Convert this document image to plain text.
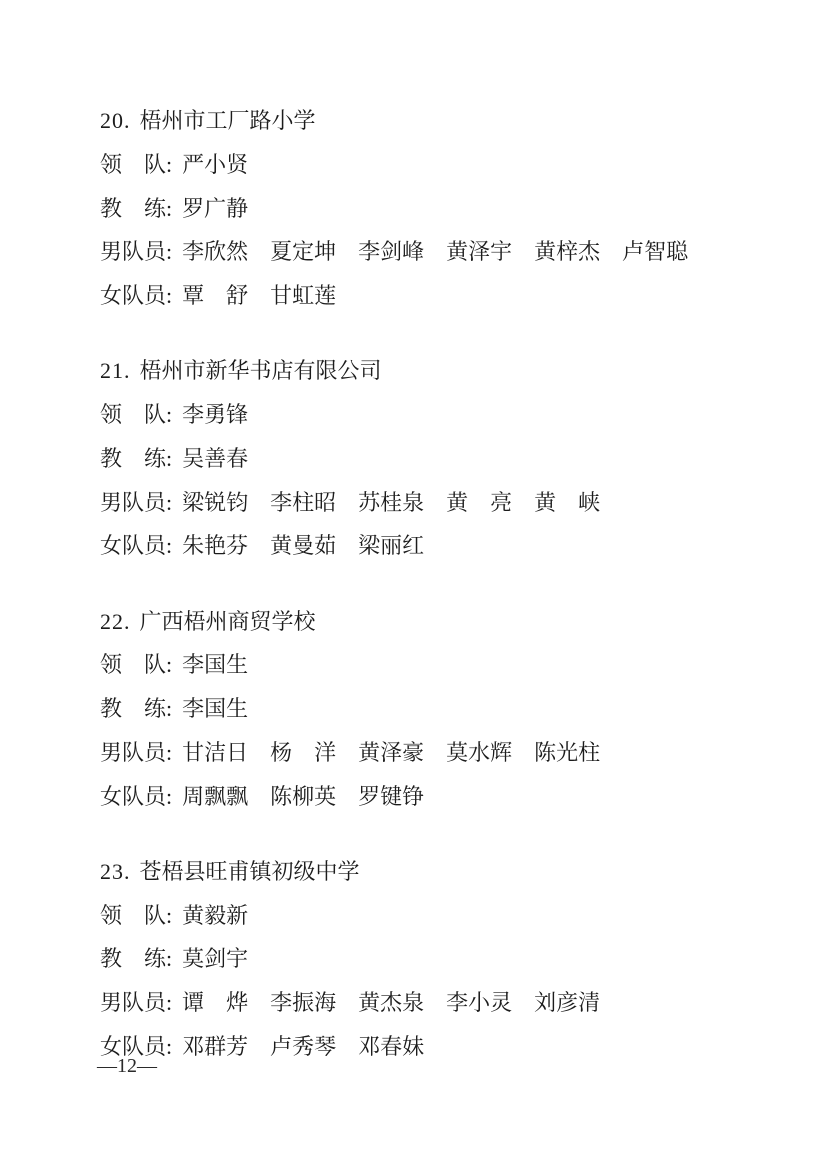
20. 梧州市工厂路小学
领　队: 严小贤
教　练: 罗广静
男队员: 李欣然　夏定坤　李剑峰　黄泽宇　黄梓杰　卢智聪
女队员: 覃　舒　甘虹莲
21. 梧州市新华书店有限公司
领　队: 李勇锋
教　练: 吴善春
男队员: 梁锐钧　李柱昭　苏桂泉　黄　亮　黄　峡
女队员: 朱艳芬　黄曼茹　梁丽红
22. 广西梧州商贸学校
领　队: 李国生
教　练: 李国生
男队员: 甘洁日　杨　洋　黄泽豪　莫水辉　陈光柱
女队员: 周飘飘　陈柳英　罗键铮
23. 苍梧县旺甫镇初级中学
领　队: 黄毅新
教　练: 莫剑宇
男队员: 谭　烨　李振海　黄杰泉　李小灵　刘彦清
女队员: 邓群芳　卢秀琴　邓春妹
—12—
